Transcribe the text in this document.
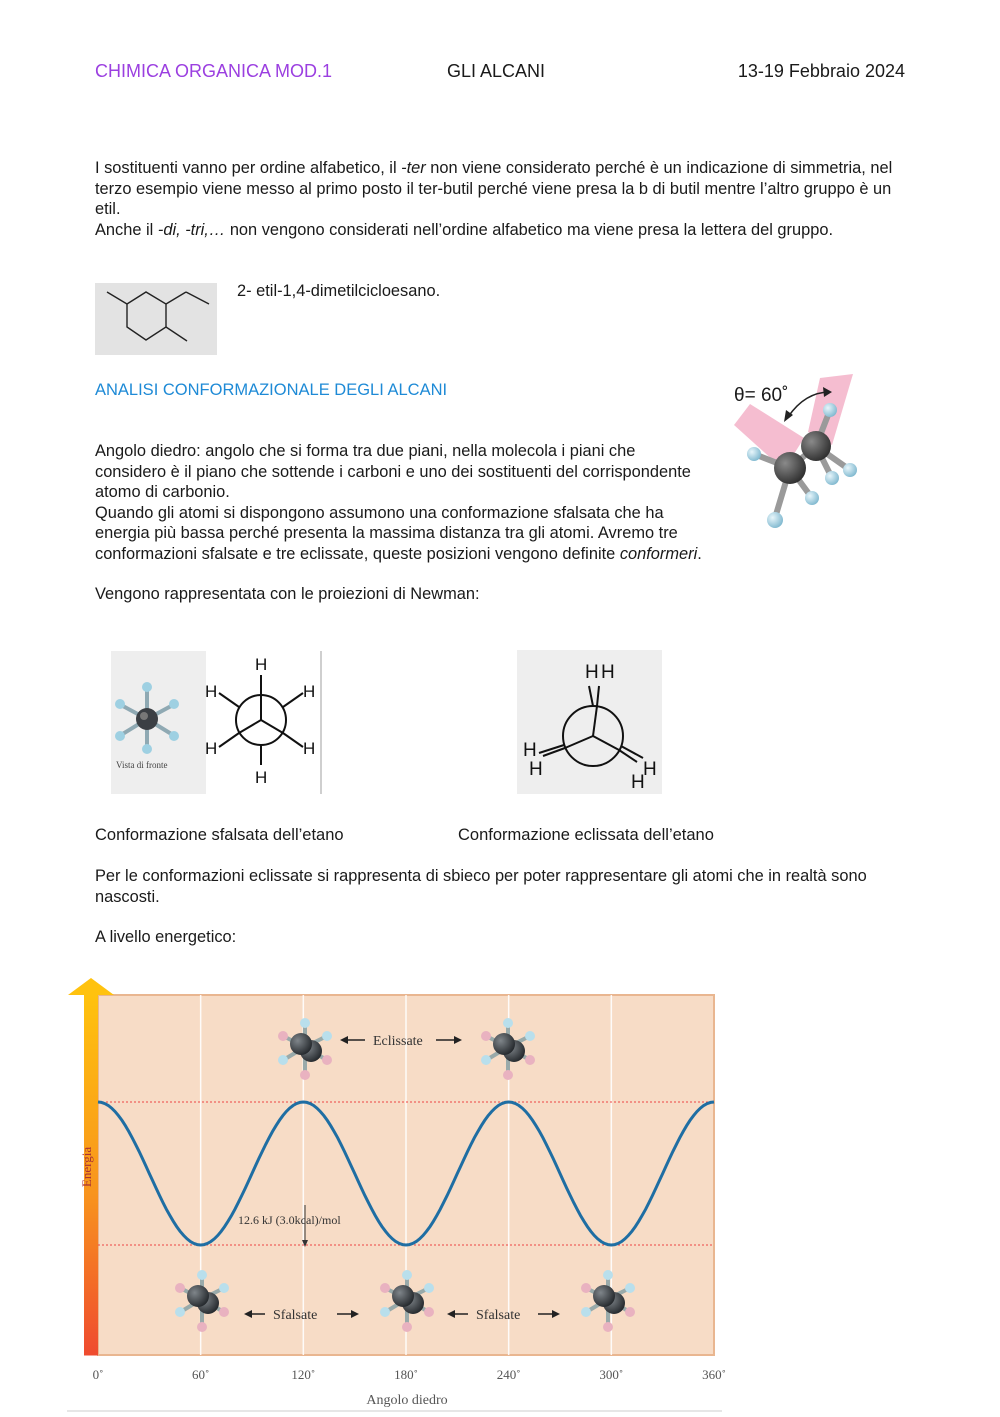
CHIMICA ORGANICA MOD.1	GLI ALCANI	13-19 Febbraio 2024

I sostituenti vanno per ordine alfabetico, il -ter non viene considerato perché è un indicazione di simmetria, nel terzo esempio viene messo al primo posto il ter-butil perché viene presa la b di butil mentre l’altro gruppo è un etil.

Anche il -di, -tri,… non vengono considerati nell’ordine alfabetico ma viene presa la lettera del gruppo.

2- etil-1,4-dimetilcicloesano.
ANALISI CONFORMAZIONALE DEGLI ALCANI	θ= 60˚

Angolo diedro: angolo che si forma tra due piani, nella molecola i piani che considero è il piano che sottende i carboni e uno dei sostituenti del corrispondente atomo di carbonio.

Quando gli atomi si dispongono assumono una conformazione sfalsata che ha energia più bassa perché presenta la massima distanza tra gli atomi. Avremo tre conformazioni sfalsate e tre eclissate, queste posizioni vengono definite conformeri.

Vengono rappresentata con le proiezioni di Newman:

Vista di fronte
H
H	H
H	H
H
H H
H
H	H
H
Conformazione sfalsata dell’etano	Conformazione eclissata dell’etano
Per le conformazioni eclissate si rappresenta di sbieco per poter rappresentare gli atomi che in realtà sono nascosti.
A livello energetico:
Energia
12.6 kJ (3.0kcal)/mol
Eclissate
Sfalsate	Sfalsate
0˚	60˚	120˚	180˚	240˚	300˚	360˚
Angolo diedro
